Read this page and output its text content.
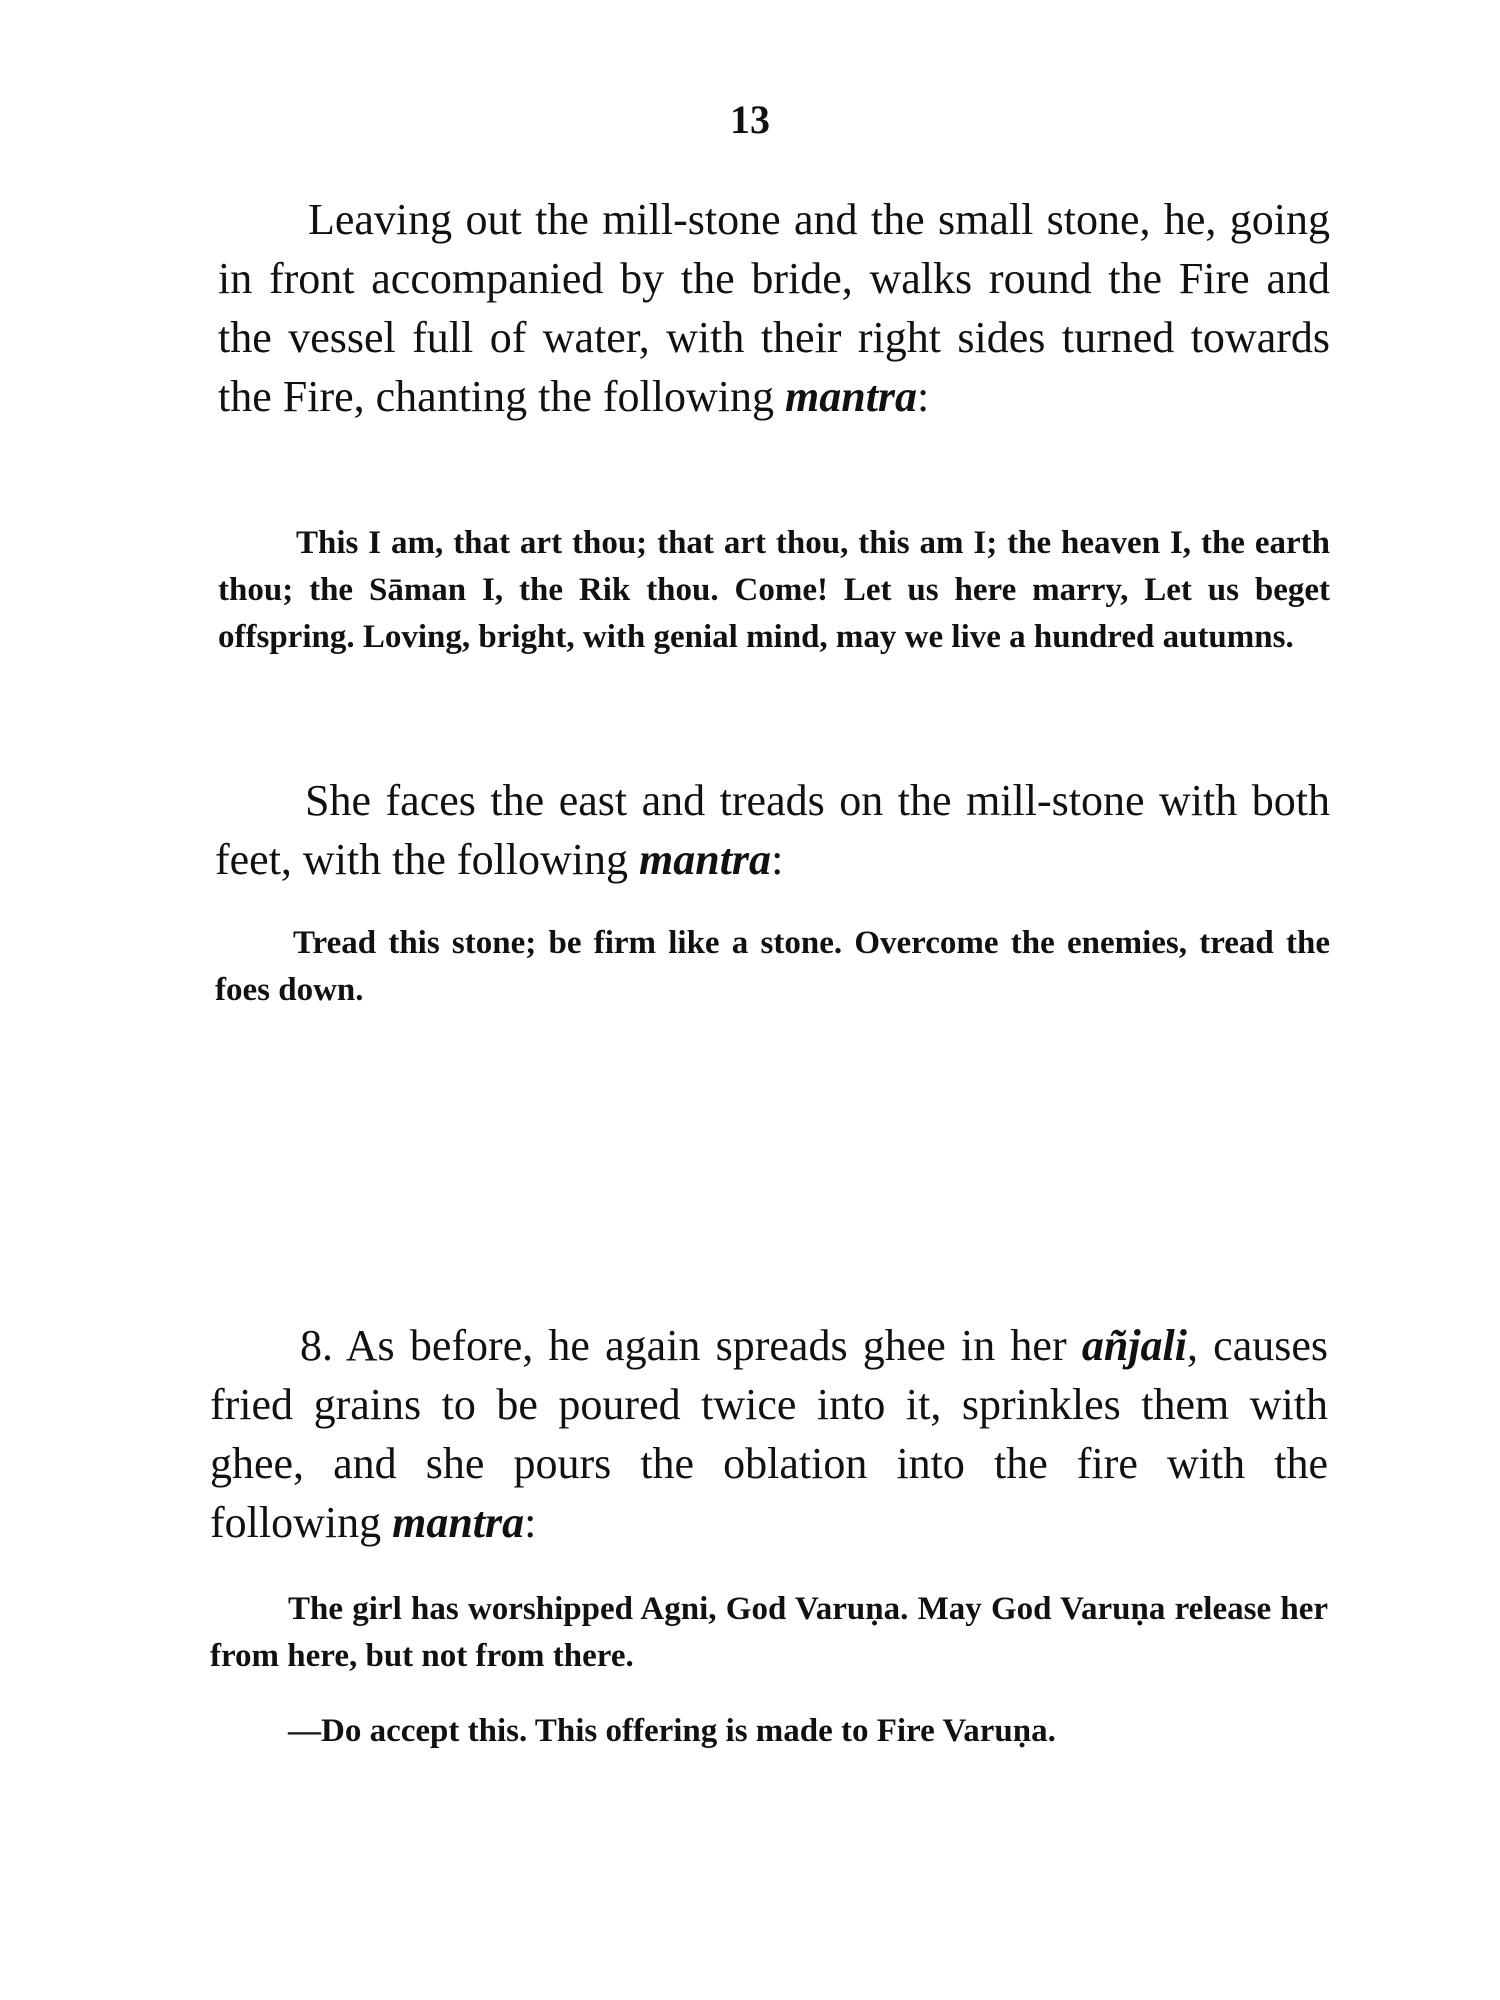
13

Leaving out the mill-stone and the small stone, he, going in front accompanied by the bride, walks round the Fire and the vessel full of water, with their right sides turned towards the Fire, chanting the following mantra:

This I am, that art thou; that art thou, this am I; the heaven I, the earth thou; the Sāman I, the Rik thou. Come! Let us here marry, Let us beget offspring. Loving, bright, with genial mind, may we live a hundred autumns.

She faces the east and treads on the mill-stone with both feet, with the following mantra:

Tread this stone; be firm like a stone. Overcome the enemies, tread the foes down.

8. As before, he again spreads ghee in her añjali, causes fried grains to be poured twice into it, sprinkles them with ghee, and she pours the oblation into the fire with the following mantra:

The girl has worshipped Agni, God Varuṇa. May God Varuṇa release her from here, but not from there.

—Do accept this. This offering is made to Fire Varuṇa.
